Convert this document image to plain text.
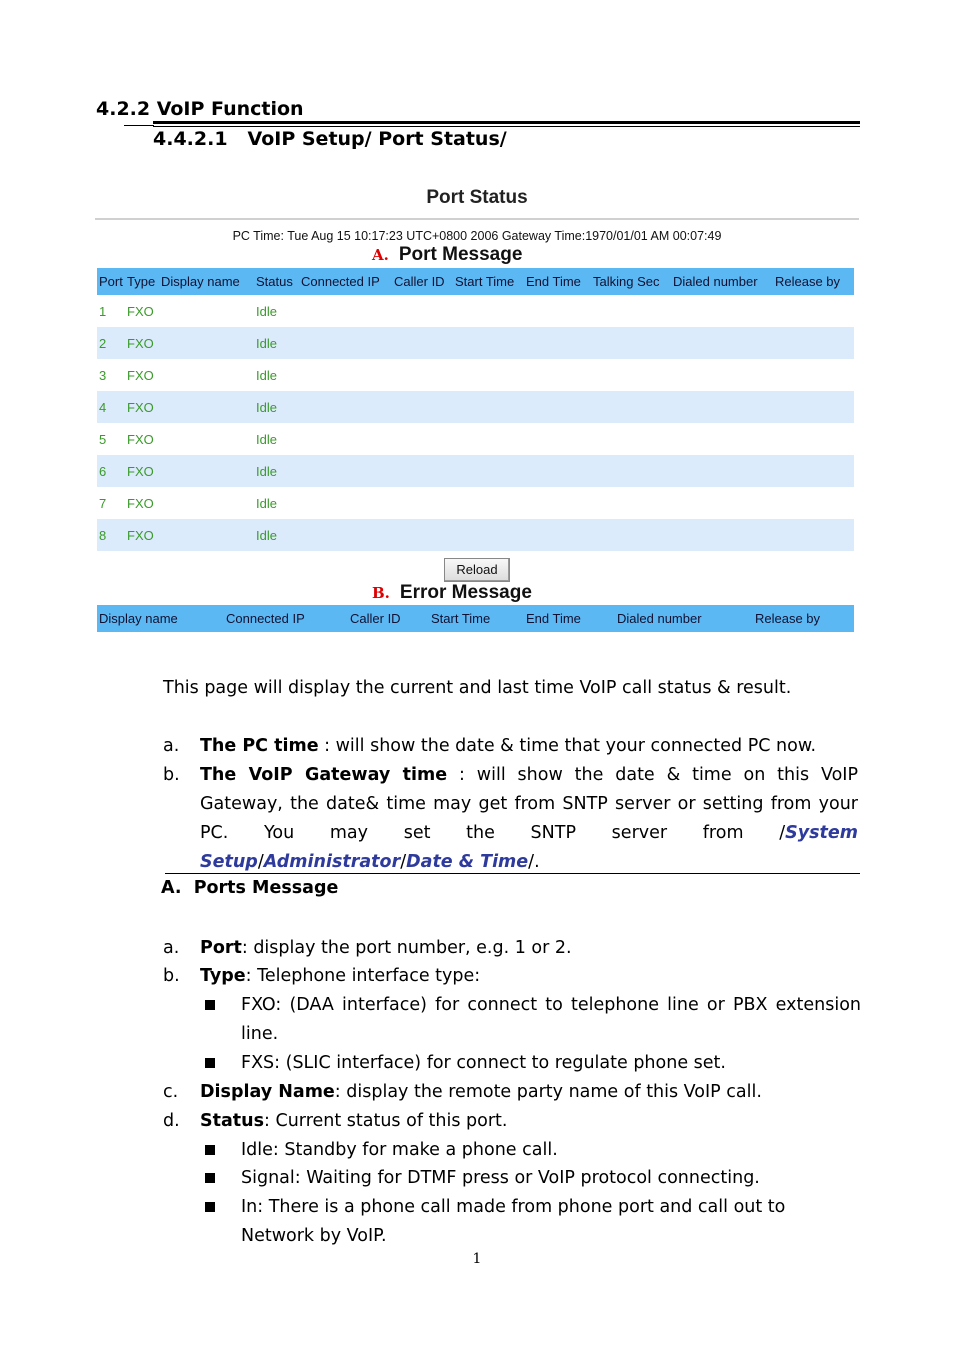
4.2.2 VoIP Function
4.4.2.1 VoIP Setup/ Port Status/
Port Status
PC Time: Tue Aug 15 10:17:23 UTC+0800 2006 Gateway Time:1970/01/01 AM 00:07:49
A. Port Message
Port	Type	Display name	Status	Connected IP	Caller ID	Start Time	End Time	Talking Sec	Dialed number	Release by
1	FXO		Idle							
2	FXO		Idle							
3	FXO		Idle							
4	FXO		Idle							
5	FXO		Idle							
6	FXO		Idle							
7	FXO		Idle							
8	FXO		Idle							
Reload
B. Error Message
Display name	Connected IP	Caller ID	Start Time	End Time	Dialed number	Release by
This page will display the current and last time VoIP call status & result.
a. The PC time : will show the date & time that your connected PC now.
b. The VoIP Gateway time : will show the date & time on this VoIP Gateway, the date& time may get from SNTP server or setting from your PC. You may set the SNTP server from /System Setup/Administrator/Date & Time/.
A.  Ports Message
a. Port: display the port number, e.g. 1 or 2.
b. Type: Telephone interface type:
FXO: (DAA interface) for connect to telephone line or PBX extension line.
FXS: (SLIC interface) for connect to regulate phone set.
c. Display Name: display the remote party name of this VoIP call.
d. Status: Current status of this port.
Idle: Standby for make a phone call.
Signal: Waiting for DTMF press or VoIP protocol connecting.
In: There is a phone call made from phone port and call out to Network by VoIP.
1
